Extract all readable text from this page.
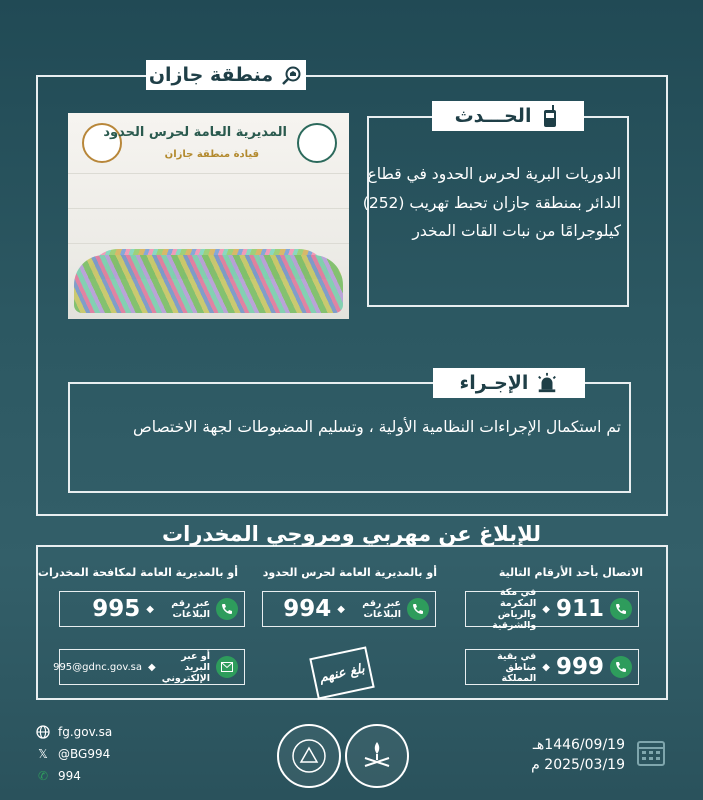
منطقة جازان
المديرية العامة لحرس الحدود
قيادة منطقة جازان
الحـــدث
الدوريات البرية لحرس الحدود في قطاع الدائر بمنطقة جازان تحبط تهريب (252) كيلوجرامًا من نبات القات المخدر
الإجـراء
تم استكمال الإجراءات النظامية الأولية ، وتسليم المضبوطات لجهة الاختصاص
للإبلاغ عن مهربي ومروجي المخدرات
الاتصال بأحد الأرقام التالية
أو بالمديرية العامة لحرس الحدود
أو بالمديرية العامة لمكافحة المخدرات
911
◆
في مكة المكرمة والرياض والشرقية
999
◆
في بقية مناطق المملكة
عبر رقم البلاغات
◆
994
عبر رقم البلاغات
◆
995
أو عبر البريد الإلكتروني
◆
995@gdnc.gov.sa	بلغ عنهم
fg.gov.sa
𝕏 @BG994
✆ 994
1446/09/19هـ
2025/03/19 م
